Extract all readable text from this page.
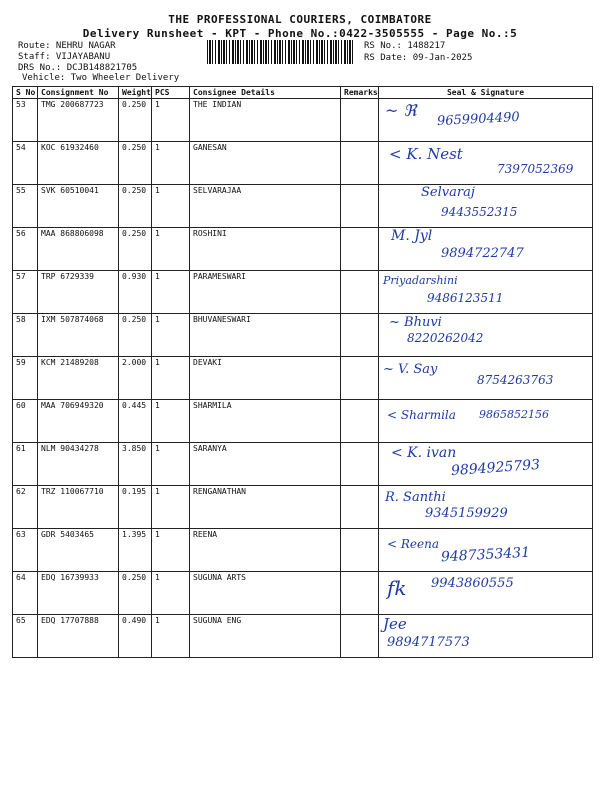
THE PROFESSIONAL COURIERS, COIMBATORE
Delivery Runsheet - KPT - Phone No.:0422-3505555 - Page No.:5
Route: NEHRU NAGAR
Staff: VIJAYABANU
DRS No.: DCJB148821705
Vehicle: Two Wheeler Delivery
RS No.: 1488217
RS Date: 09-Jan-2025
S No	Consignment No	Weight	PCS	Consignee Details	Remarks	Seal & Signature
53	TMG 200687723	0.250	1	THE INDIAN		~ ℜ 9659904490

54	KOC 61932460	0.250	1	GANESAN		< K. Nest
7397052369

55	SVK 60510041	0.250	1	SELVARAJAA		Selvaraj
9443552315

56	MAA 868806098	0.250	1	ROSHINI		M. Jyl
9894722747

57	TRP 6729339	0.930	1	PARAMESWARI		Priyadarshini
9486123511

58	IXM 507874068	0.250	1	BHUVANESWARI		~ Bhuvi
8220262042

59	KCM 21489208	2.000	1	DEVAKI		~ V. Say
8754263763

60	MAA 706949320	0.445	1	SHARMILA		< Sharmila 9865852156

61	NLM 90434278	3.850	1	SARANYA		< K. ivan
9894925793

62	TRZ 110067710	0.195	1	RENGANATHAN		R. Santhi
9345159929

63	GDR 5403465	1.395	1	REENA		< Reena
9487353431

64	EDQ 16739933	0.250	1	SUGUNA ARTS		fk 9943860555

65	EDQ 17707888	0.490	1	SUGUNA ENG		Jee
9894717573
